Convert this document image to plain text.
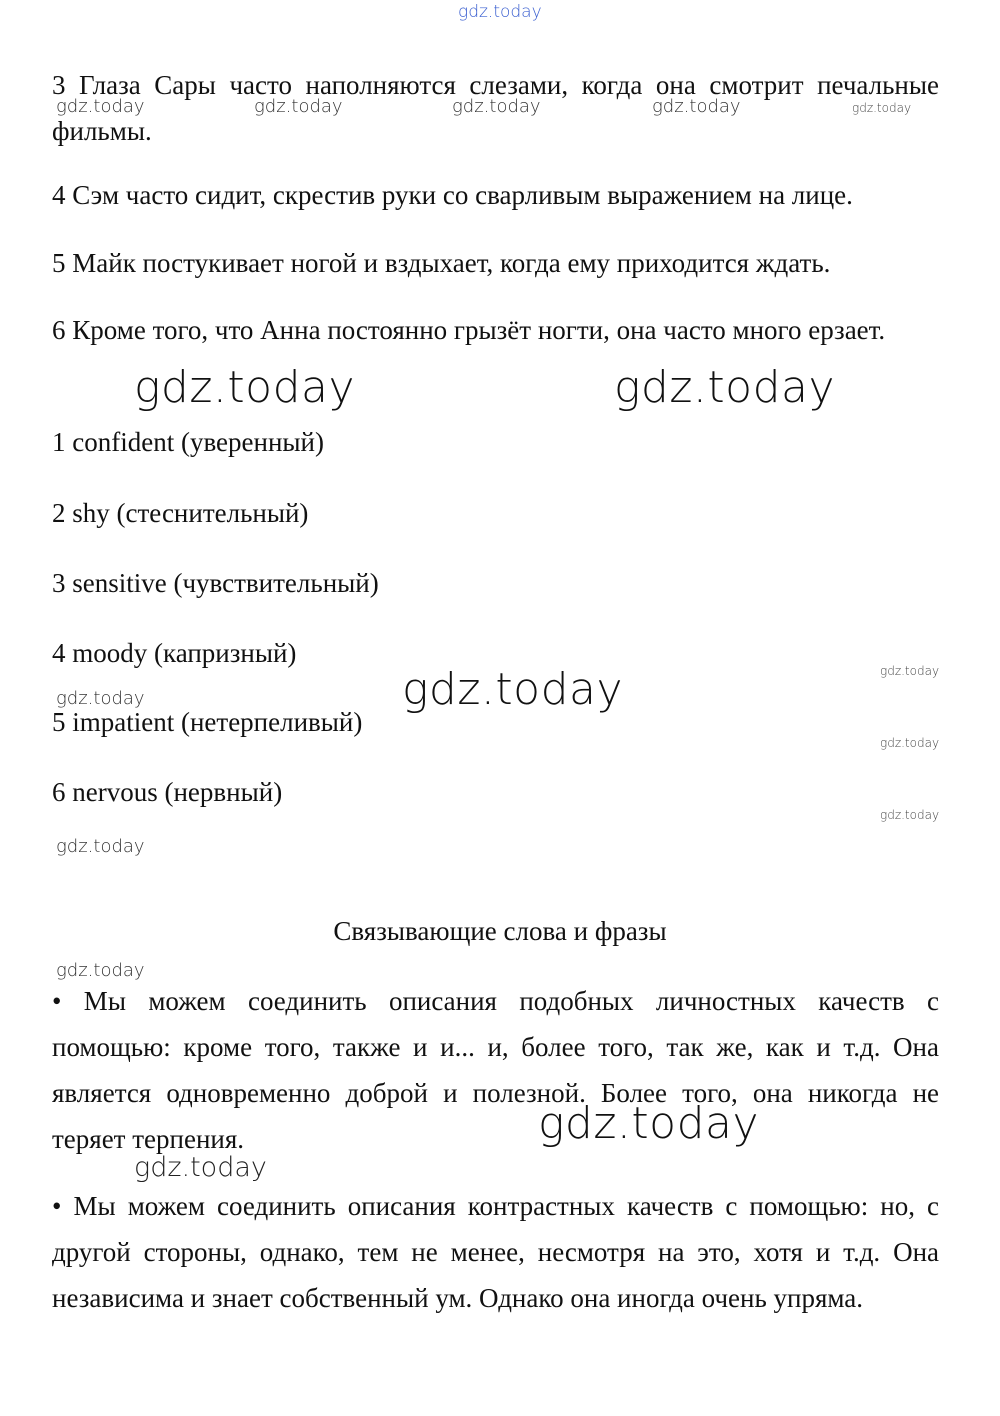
3 Глаза Сары часто наполняются слезами, когда она смотрит печальные фильмы.

4 Сэм часто сидит, скрестив руки со сварливым выражением на лице.

5 Майк постукивает ногой и вздыхает, когда ему приходится ждать.

6 Кроме того, что Анна постоянно грызёт ногти, она часто много ерзает.

1 confident (уверенный)

2 shy (стеснительный)

3 sensitive (чувствительный)

4 moody (капризный)

5 impatient (нетерпеливый)

6 nervous (нервный)

Связывающие слова и фразы

• Мы можем соединить описания подобных личностных качеств с помощью: кроме того, также и и... и, более того, так же, как и т.д. Она является одновременно доброй и полезной. Более того, она никогда не теряет терпения.

• Мы можем соединить описания контрастных качеств с помощью: но, с другой стороны, однако, тем не менее, несмотря на это, хотя и т.д. Она независима и знает собственный ум. Однако она иногда очень упряма.

gdz.today
gdz.today	gdz.today	gdz.today	gdz.today	gdz.today
gdz.today	gdz.today
gdz.today
gdz.today
gdz.today
gdz.today
gdz.today
gdz.today
gdz.today
gdz.today
gdz.today
